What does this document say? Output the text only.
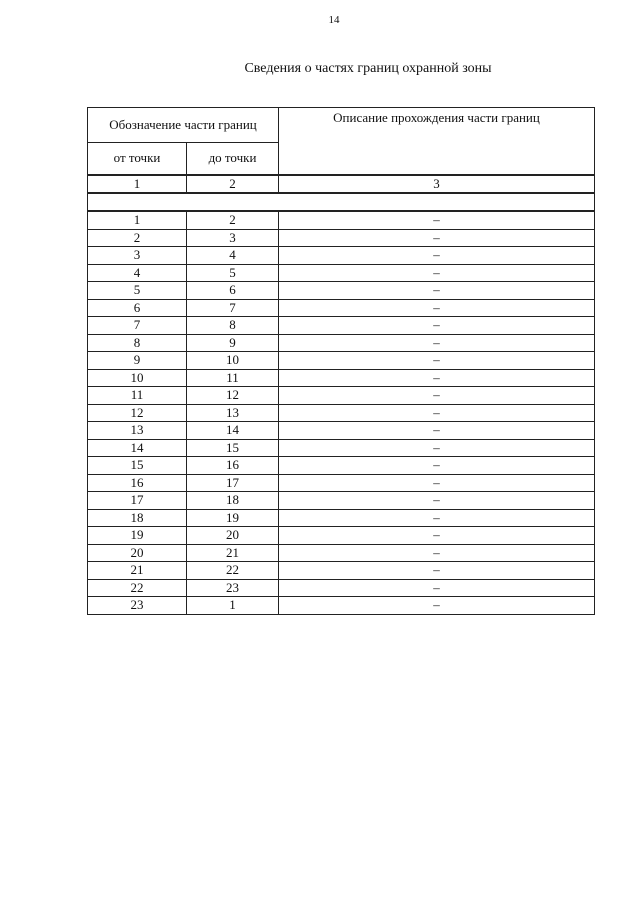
14
Сведения о частях границ охранной зоны
Обозначение части границ		Описание прохождения части границ
от точки	до точки	
1	2	3

1	2	–
2	3	–
3	4	–
4	5	–
5	6	–
6	7	–
7	8	–
8	9	–
9	10	–
10	11	–
11	12	–
12	13	–
13	14	–
14	15	–
15	16	–
16	17	–
17	18	–
18	19	–
19	20	–
20	21	–
21	22	–
22	23	–
23	1	–
